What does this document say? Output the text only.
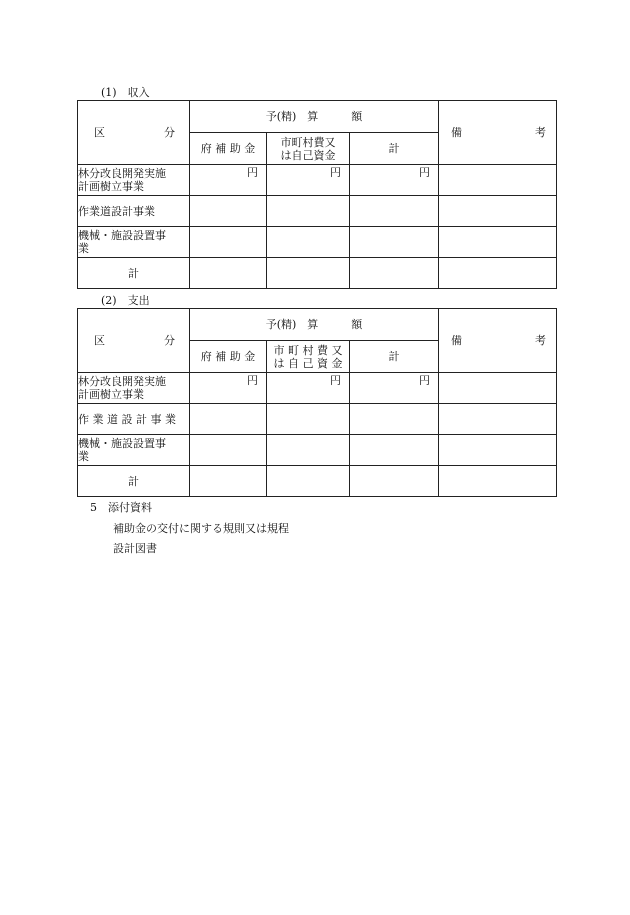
(1)　収入
区 分	予(精)　算　　　額			備 考

	府 補 助 金	市町村費又
は自己資金	計	
林分改良開発実施
計画樹立事業	円	円	円	
作業道設計事業				
機械・施設設置事
業				
計				
(2)　支出
区 分	予(精)　算　　　額			備 考

	府 補 助 金	市 町 村 費 又
は 自 己 資 金	計	
林分改良開発実施
計画樹立事業	円	円	円	
作 業 道 設 計 事 業				
機械・施設設置事
業				
計				
5　添付資料
補助金の交付に関する規則又は規程
設計図書
